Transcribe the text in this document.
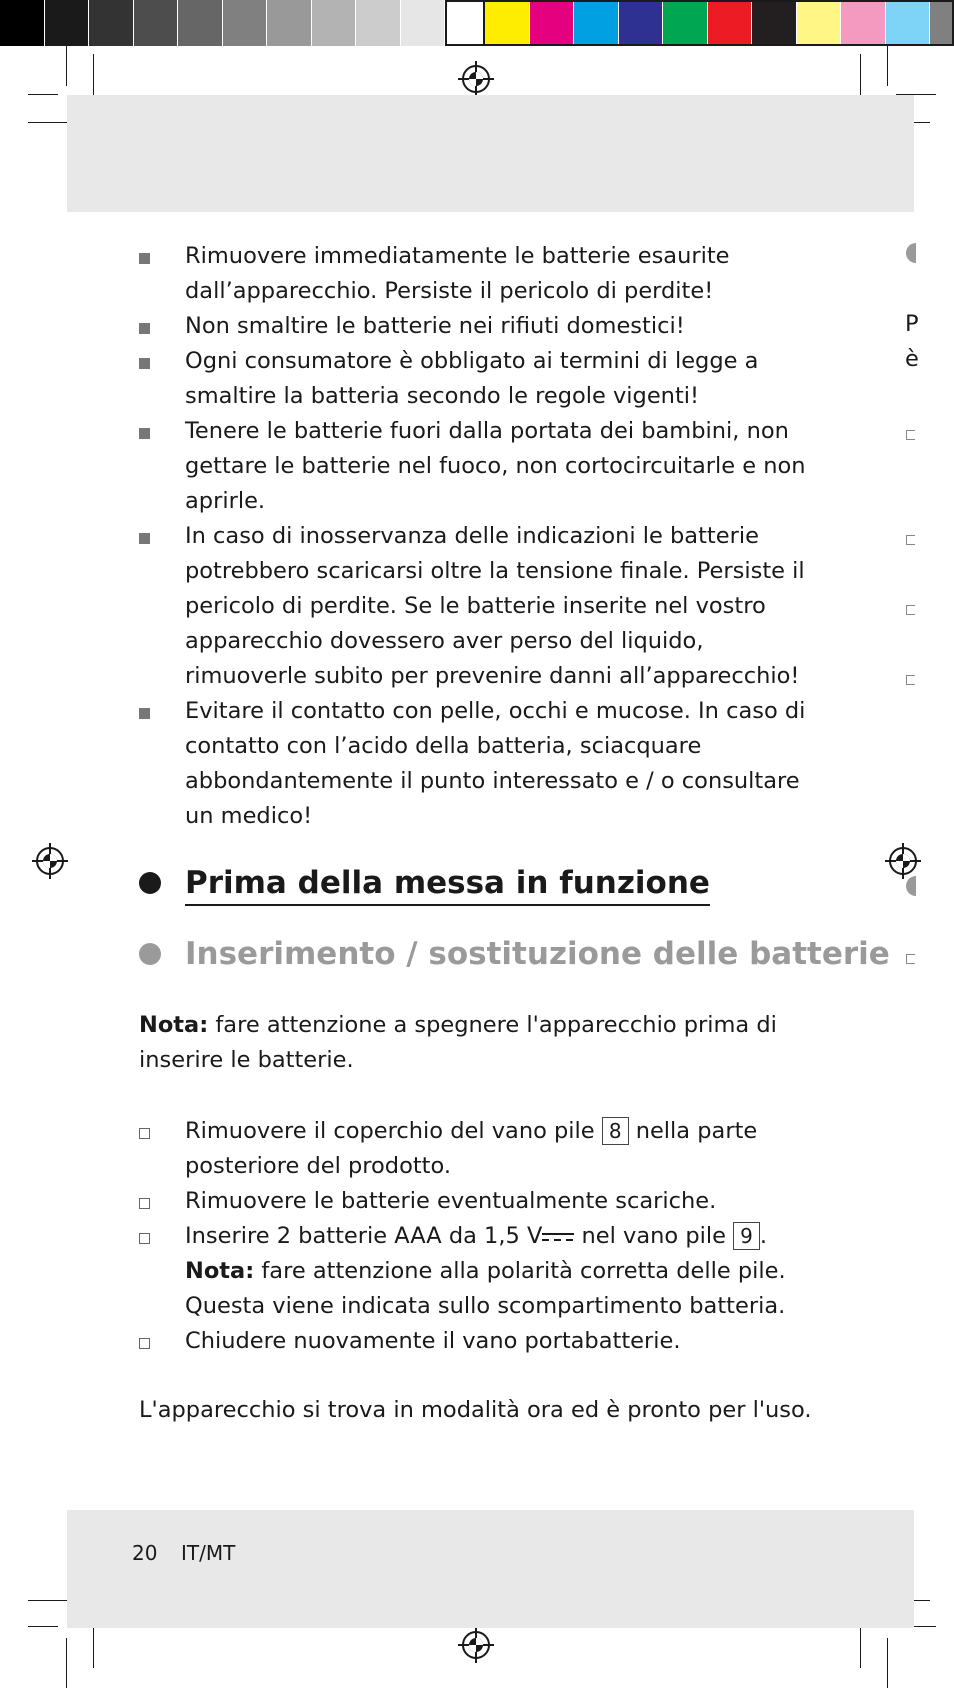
Rimuovere immediatamente le batterie esaurite dall’apparecchio. Persiste il pericolo di perdite!
Non smaltire le batterie nei rifiuti domestici!
Ogni consumatore è obbligato ai termini di legge a smaltire la batteria secondo le regole vigenti!
Tenere le batterie fuori dalla portata dei bambini, non gettare le batterie nel fuoco, non cortocircuitarle e non aprirle.
In caso di inosservanza delle indicazioni le batterie potrebbero scaricarsi oltre la tensione finale. Persiste il pericolo di perdite. Se le batterie inserite nel vostro apparecchio dovessero aver perso del liquido, rimuoverle subito per prevenire danni all’apparecchio!
Evitare il contatto con pelle, occhi e mucose. In caso di contatto con l’acido della batteria, sciacquare abbondantemente il punto interessato e / o consultare un medico!
Prima della messa in funzione
Inserimento / sostituzione delle batterie

Nota: fare attenzione a spegnere l'apparecchio prima di inserire le batterie.

Rimuovere il coperchio del vano pile 8 nella parte posteriore del prodotto.
Rimuovere le batterie eventualmente scariche.
Inserire 2 batterie AAA da 1,5 V nel vano pile 9 .
Nota: fare attenzione alla polarità corretta delle pile. Questa viene indicata sullo scompartimento batteria.
Chiudere nuovamente il vano portabatterie.

L'apparecchio si trova in modalità ora ed è pronto per l'uso.

20 IT/MT
P
è
